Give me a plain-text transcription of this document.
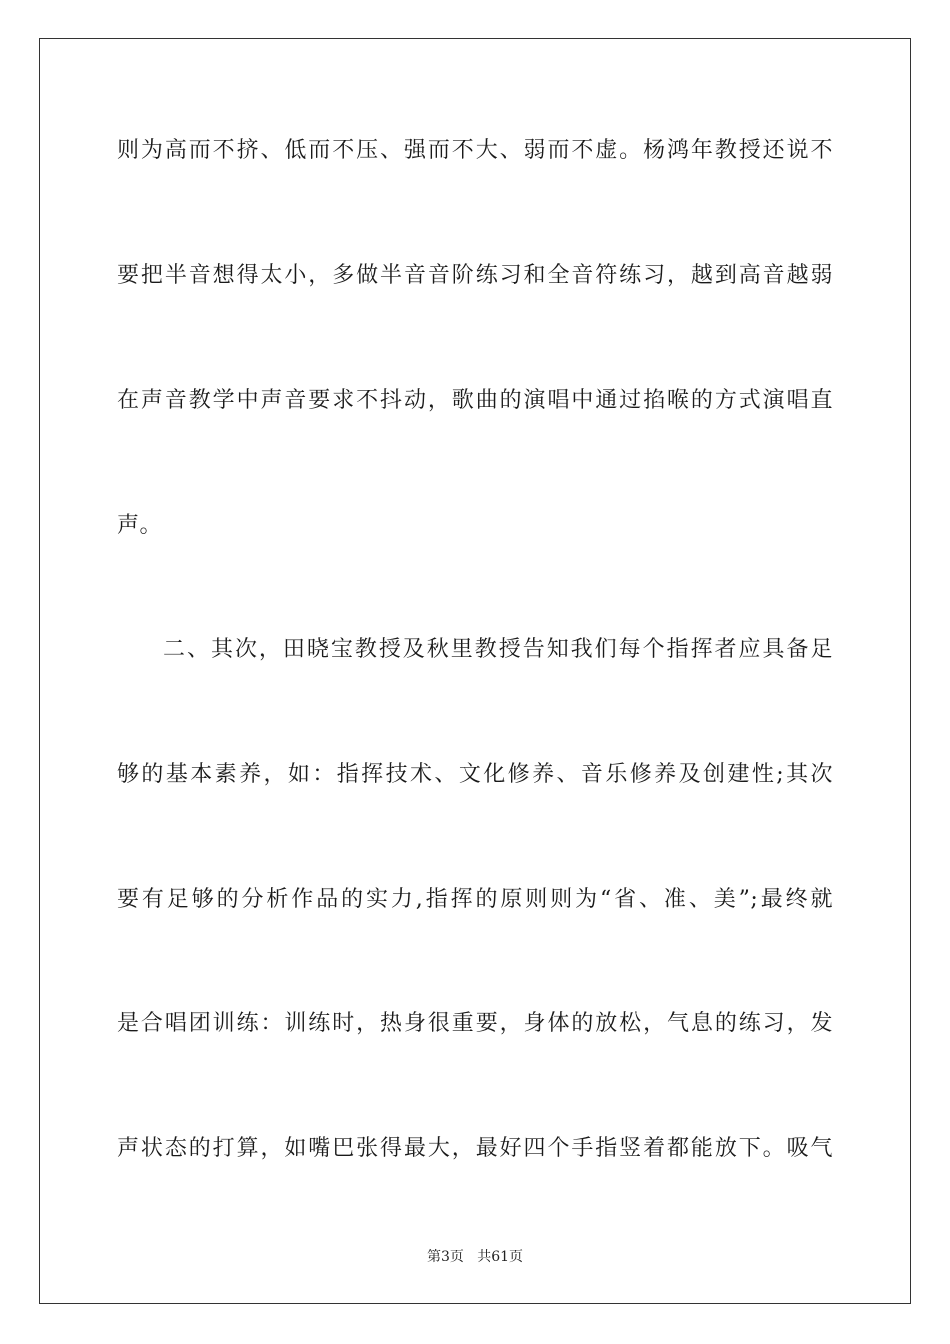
则为高而不挤、低而不压、强而不大、弱而不虚。杨鸿年教授还说不
要把半音想得太小，多做半音音阶练习和全音符练习，越到高音越弱
在声音教学中声音要求不抖动，歌曲的演唱中通过掐喉的方式演唱直
声。
二、其次，田晓宝教授及秋里教授告知我们每个指挥者应具备足
够的基本素养，如：指挥技术、文化修养、音乐修养及创建性;其次
要有足够的分析作品的实力,指挥的原则则为“省、准、美”;最终就
是合唱团训练：训练时，热身很重要，身体的放松，气息的练习，发
声状态的打算，如嘴巴张得最大，最好四个手指竖着都能放下。吸气
第3页   共61页
